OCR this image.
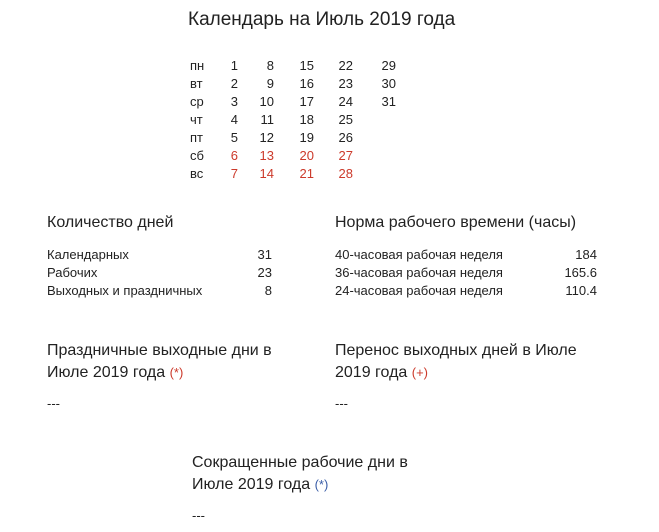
Календарь на Июль 2019 года
пн	1	8 15 22 29
вт	2	9 16 23 30
ср	3 10 17 24 31
чт	4 11 18 25
пт	5 12 19 26
сб	6 13 20 27
вс	7 14 21 28
Количество дней
Календарных	31
Рабочих	23
Выходных и праздничных	8
Норма рабочего времени (часы)
40-часовая рабочая неделя	184
36-часовая рабочая неделя	165.6
24-часовая рабочая неделя	110.4
Праздничные выходные дни в
Июле 2019 года (*)
---
Перенос выходных дней в Июле
2019 года (+)
---
Сокращенные рабочие дни в
Июле 2019 года (*)
---
